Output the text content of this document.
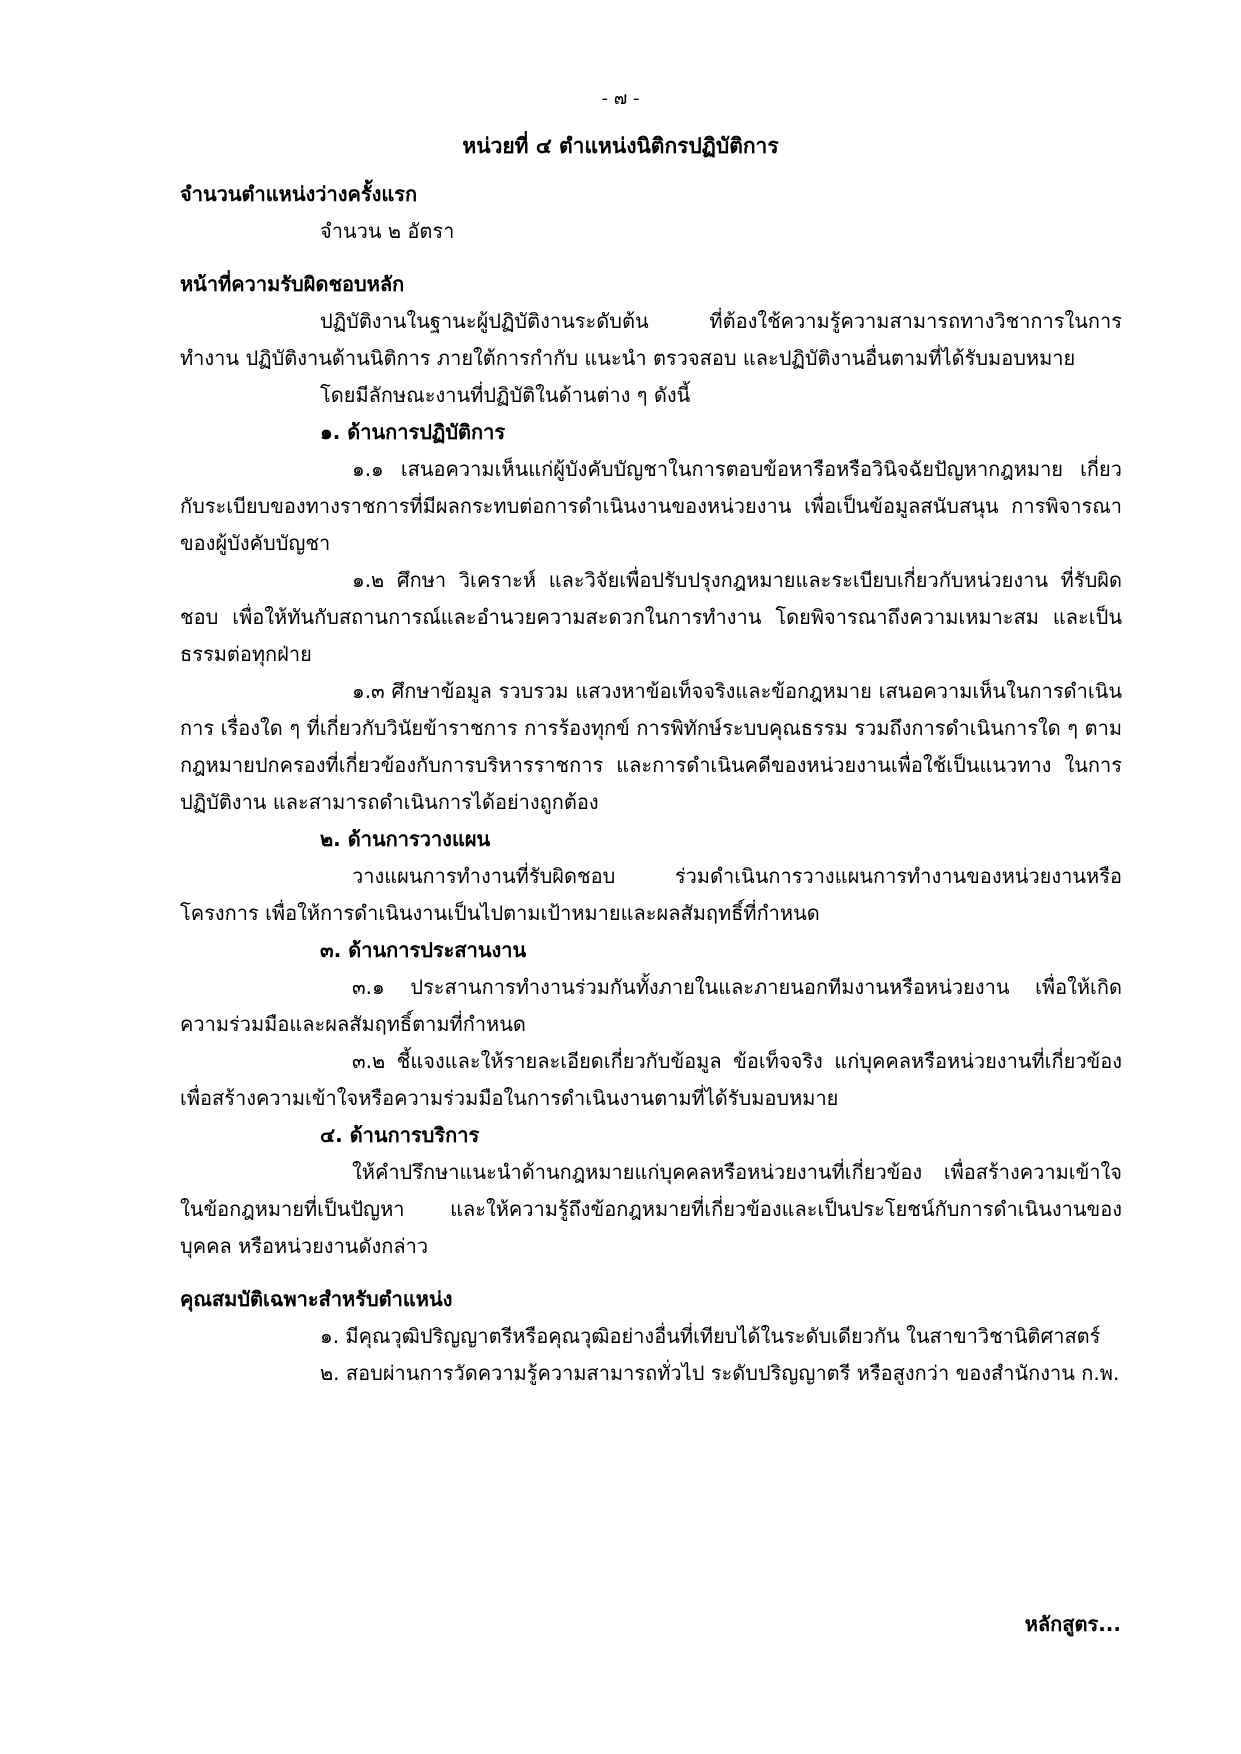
- ๗ -
หน่วยที่ ๔ ตำแหน่งนิติกรปฏิบัติการ

จำนวนตำแหน่งว่างครั้งแรก

จำนวน ๒ อัตรา

หน้าที่ความรับผิดชอบหลัก

ปฏิบัติงานในฐานะผู้ปฏิบัติงานระดับต้น ที่ต้องใช้ความรู้ความสามารถทางวิชาการในการทำงาน ปฏิบัติงานด้านนิติการ ภายใต้การกำกับ แนะนำ ตรวจสอบ และปฏิบัติงานอื่นตามที่ได้รับมอบหมาย

โดยมีลักษณะงานที่ปฏิบัติในด้านต่าง ๆ ดังนี้

๑. ด้านการปฏิบัติการ

๑.๑ เสนอความเห็นแก่ผู้บังคับบัญชาในการตอบข้อหารือหรือวินิจฉัยปัญหากฎหมาย เกี่ยวกับระเบียบของทางราชการที่มีผลกระทบต่อการดำเนินงานของหน่วยงาน เพื่อเป็นข้อมูลสนับสนุน การพิจารณาของผู้บังคับบัญชา

๑.๒ ศึกษา วิเคราะห์ และวิจัยเพื่อปรับปรุงกฎหมายและระเบียบเกี่ยวกับหน่วยงาน ที่รับผิดชอบ เพื่อให้ทันกับสถานการณ์และอำนวยความสะดวกในการทำงาน โดยพิจารณาถึงความเหมาะสม และเป็นธรรมต่อทุกฝ่าย

๑.๓ ศึกษาข้อมูล รวบรวม แสวงหาข้อเท็จจริงและข้อกฎหมาย เสนอความเห็นในการดำเนินการ เรื่องใด ๆ ที่เกี่ยวกับวินัยข้าราชการ การร้องทุกข์ การพิทักษ์ระบบคุณธรรม รวมถึงการดำเนินการใด ๆ ตามกฎหมายปกครองที่เกี่ยวข้องกับการบริหารราชการ และการดำเนินคดีของหน่วยงานเพื่อใช้เป็นแนวทาง ในการปฏิบัติงาน และสามารถดำเนินการได้อย่างถูกต้อง

๒. ด้านการวางแผน

วางแผนการทำงานที่รับผิดชอบ ร่วมดำเนินการวางแผนการทำงานของหน่วยงานหรือโครงการ เพื่อให้การดำเนินงานเป็นไปตามเป้าหมายและผลสัมฤทธิ์ที่กำหนด

๓. ด้านการประสานงาน

๓.๑ ประสานการทำงานร่วมกันทั้งภายในและภายนอกทีมงานหรือหน่วยงาน เพื่อให้เกิด ความร่วมมือและผลสัมฤทธิ์ตามที่กำหนด

๓.๒ ชี้แจงและให้รายละเอียดเกี่ยวกับข้อมูล ข้อเท็จจริง แก่บุคคลหรือหน่วยงานที่เกี่ยวข้อง เพื่อสร้างความเข้าใจหรือความร่วมมือในการดำเนินงานตามที่ได้รับมอบหมาย

๔. ด้านการบริการ

ให้คำปรึกษาแนะนำด้านกฎหมายแก่บุคคลหรือหน่วยงานที่เกี่ยวข้อง เพื่อสร้างความเข้าใจ ในข้อกฎหมายที่เป็นปัญหา และให้ความรู้ถึงข้อกฎหมายที่เกี่ยวข้องและเป็นประโยชน์กับการดำเนินงานของบุคคล หรือหน่วยงานดังกล่าว

คุณสมบัติเฉพาะสำหรับตำแหน่ง

๑. มีคุณวุฒิปริญญาตรีหรือคุณวุฒิอย่างอื่นที่เทียบได้ในระดับเดียวกัน ในสาขาวิชานิติศาสตร์

๒. สอบผ่านการวัดความรู้ความสามารถทั่วไป ระดับปริญญาตรี หรือสูงกว่า ของสำนักงาน ก.พ.

หลักสูตร...
